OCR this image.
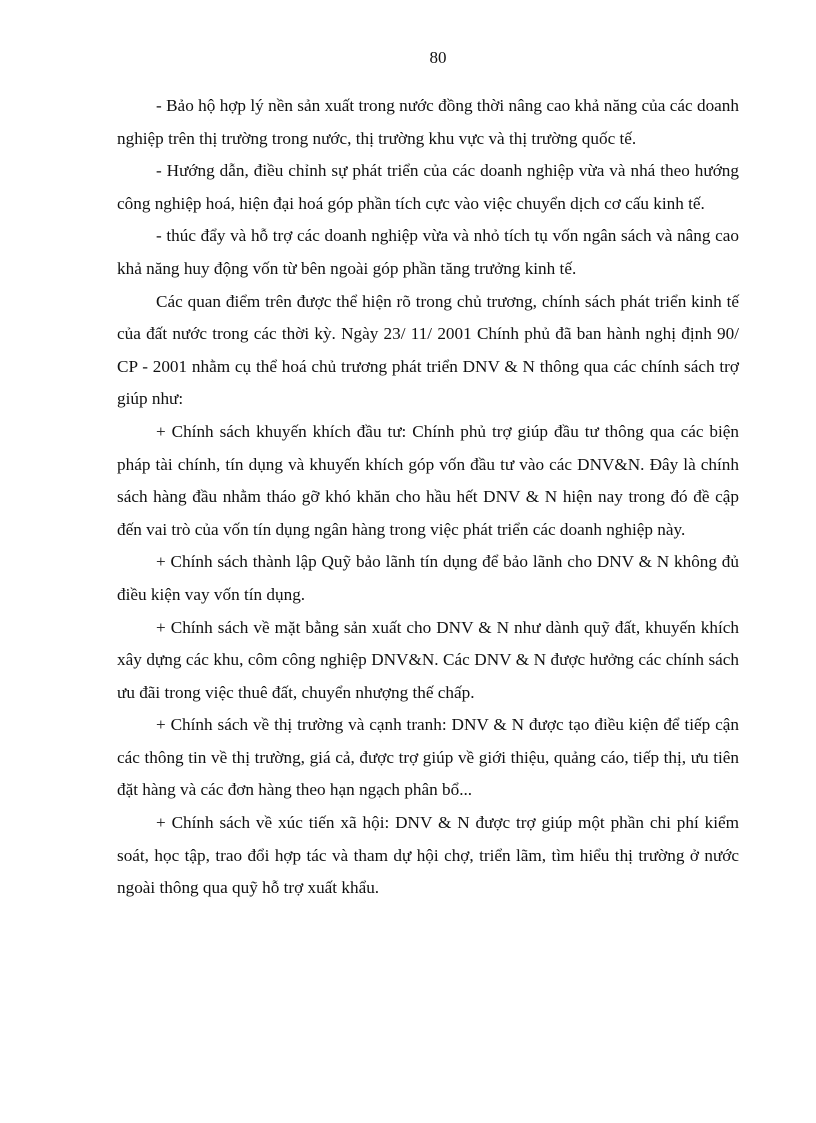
80

- Bảo hộ hợp lý nền sản xuất trong nước đồng thời nâng cao khả năng của các doanh nghiệp trên thị trường trong nước, thị trường khu vực và thị trường quốc tế.

- Hướng dẫn, điều chỉnh sự phát triển của các doanh nghiệp vừa và nhá theo hướng công nghiệp hoá, hiện đại hoá góp phần tích cực vào việc chuyển dịch cơ cấu kinh tế.

- thúc đẩy và hỗ trợ các doanh nghiệp vừa và nhỏ tích tụ vốn ngân sách và nâng cao khả năng huy động vốn từ bên ngoài góp phần tăng trưởng kinh tế.

Các quan điểm trên được thể hiện rõ trong chủ trương, chính sách phát triển kinh tế của đất nước trong các thời kỳ. Ngày 23/ 11/ 2001 Chính phủ đã ban hành nghị định 90/ CP - 2001 nhằm cụ thể hoá chủ trương phát triển DNV & N thông qua các chính sách trợ giúp như:

+ Chính sách khuyến khích đầu tư: Chính phủ trợ giúp đầu tư thông qua các biện pháp tài chính, tín dụng và khuyến khích góp vốn đầu tư vào các DNV&N. Đây là chính sách hàng đầu nhằm tháo gỡ khó khăn cho hầu hết DNV & N hiện nay trong đó đề cập đến vai trò của vốn tín dụng ngân hàng trong việc phát triển các doanh nghiệp này.

+ Chính sách thành lập Quỹ bảo lãnh tín dụng để bảo lãnh cho DNV & N không đủ điều kiện vay vốn tín dụng.

+ Chính sách về mặt bằng sản xuất cho DNV & N như dành quỹ đất, khuyến khích xây dựng các khu, côm công nghiệp DNV&N. Các DNV & N được hưởng các chính sách ưu đãi trong việc thuê đất, chuyển nhượng thế chấp.

+ Chính sách về thị trường và cạnh tranh: DNV & N được tạo điều kiện để tiếp cận các thông tin về thị trường, giá cả, được trợ giúp về giới thiệu, quảng cáo, tiếp thị, ưu tiên đặt hàng và các đơn hàng theo hạn ngạch phân bổ...

+ Chính sách về xúc tiến xã hội: DNV & N được trợ giúp một phần chi phí kiểm soát, học tập, trao đổi hợp tác và tham dự hội chợ, triển lãm, tìm hiểu thị trường ở nước ngoài thông qua quỹ hỗ trợ xuất khẩu.
